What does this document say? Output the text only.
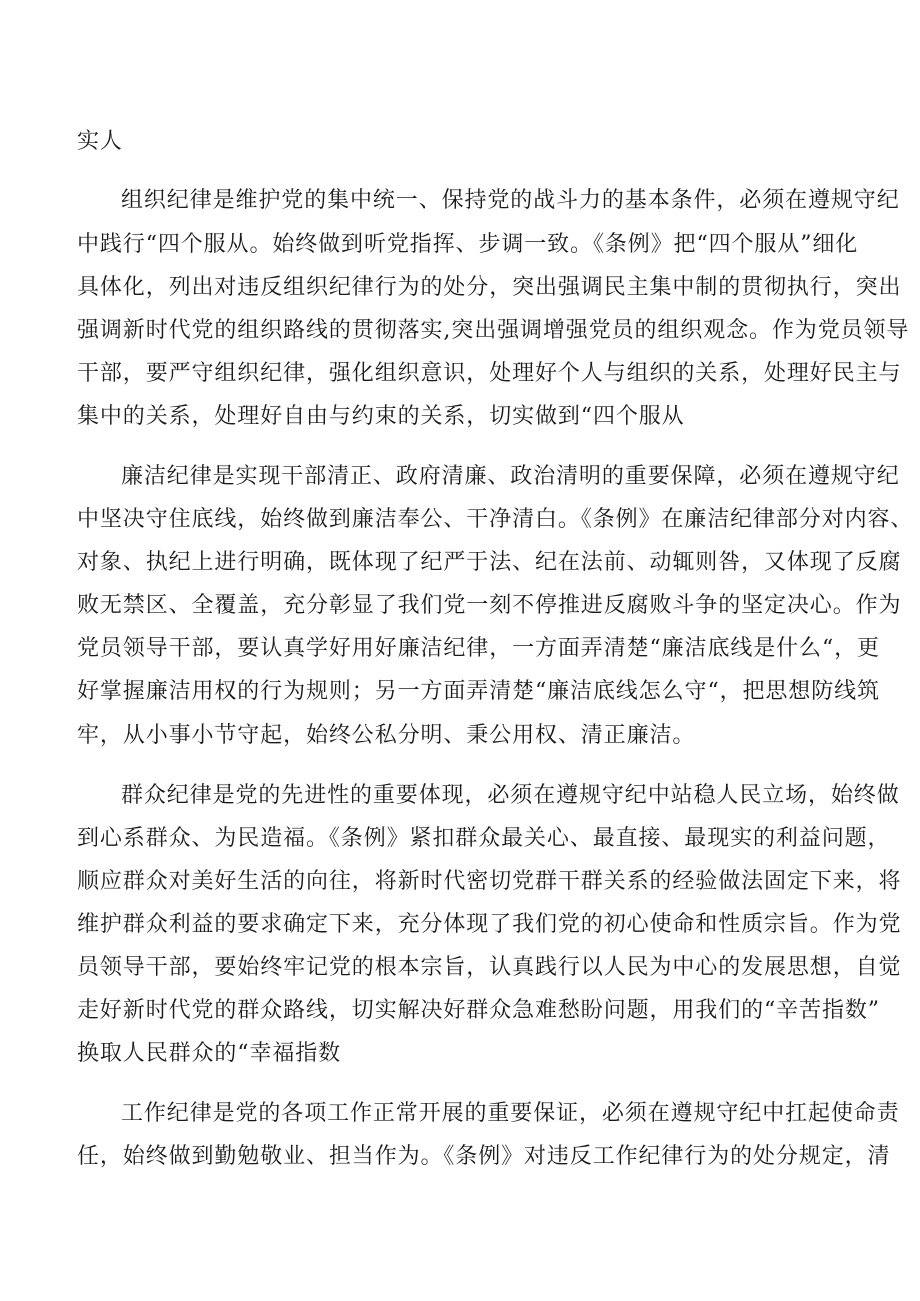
实人
组织纪律是维护党的集中统一、保持党的战斗力的基本条件，必须在遵规守纪
中践行“四个服从。始终做到听党指挥、步调一致。《条例》把“四个服从”细化
具体化，列出对违反组织纪律行为的处分，突出强调民主集中制的贯彻执行，突出
强调新时代党的组织路线的贯彻落实,突出强调增强党员的组织观念。作为党员领导
干部，要严守组织纪律，强化组织意识，处理好个人与组织的关系，处理好民主与
集中的关系，处理好自由与约束的关系，切实做到“四个服从
廉洁纪律是实现干部清正、政府清廉、政治清明的重要保障，必须在遵规守纪
中坚决守住底线，始终做到廉洁奉公、干净清白。《条例》在廉洁纪律部分对内容、
对象、执纪上进行明确，既体现了纪严于法、纪在法前、动辄则咎，又体现了反腐
败无禁区、全覆盖，充分彰显了我们党一刻不停推进反腐败斗争的坚定决心。作为
党员领导干部，要认真学好用好廉洁纪律，一方面弄清楚“廉洁底线是什么“，更
好掌握廉洁用权的行为规则；另一方面弄清楚“廉洁底线怎么守“，把思想防线筑
牢，从小事小节守起，始终公私分明、秉公用权、清正廉洁。
群众纪律是党的先进性的重要体现，必须在遵规守纪中站稳人民立场，始终做
到心系群众、为民造福。《条例》紧扣群众最关心、最直接、最现实的利益问题，
顺应群众对美好生活的向往，将新时代密切党群干群关系的经验做法固定下来，将
维护群众利益的要求确定下来，充分体现了我们党的初心使命和性质宗旨。作为党
员领导干部，要始终牢记党的根本宗旨，认真践行以人民为中心的发展思想，自觉
走好新时代党的群众路线，切实解决好群众急难愁盼问题，用我们的“辛苦指数”
换取人民群众的“幸福指数
工作纪律是党的各项工作正常开展的重要保证，必须在遵规守纪中扛起使命责
任，始终做到勤勉敬业、担当作为。《条例》对违反工作纪律行为的处分规定，清
